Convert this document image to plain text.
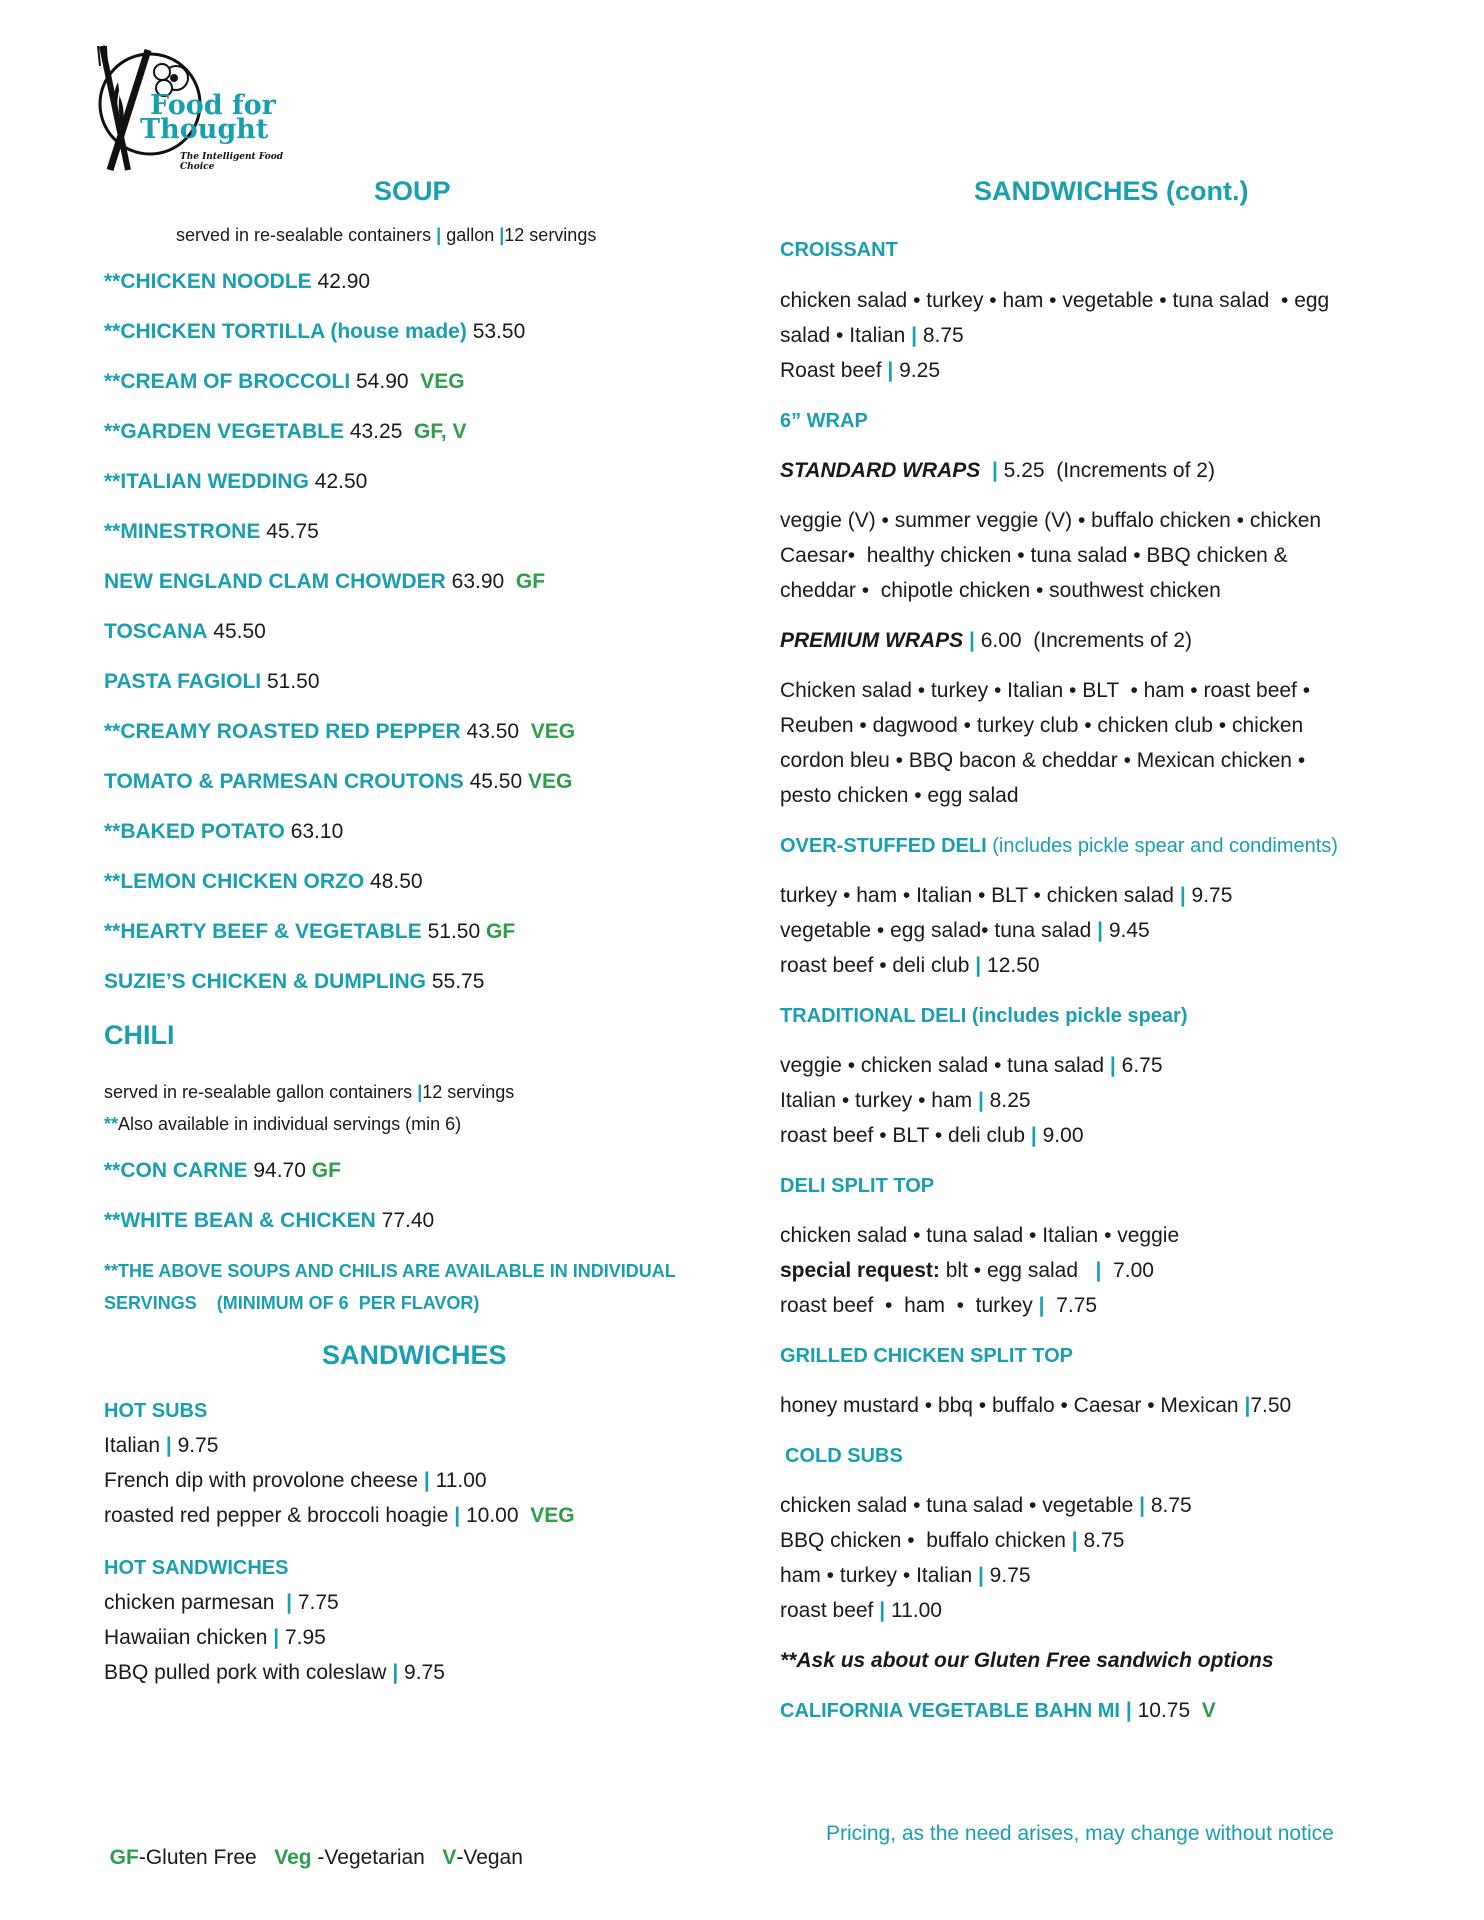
Food for
Thought
The Intelligent Food Choice
SOUP
served in re-sealable containers | gallon |12 servings
**CHICKEN NOODLE 42.90
**CHICKEN TORTILLA (house made) 53.50
**CREAM OF BROCCOLI 54.90 VEG
**GARDEN VEGETABLE 43.25 GF, V
**ITALIAN WEDDING 42.50
**MINESTRONE 45.75
NEW ENGLAND CLAM CHOWDER 63.90 GF
TOSCANA 45.50
PASTA FAGIOLI 51.50
**CREAMY ROASTED RED PEPPER 43.50 VEG
TOMATO & PARMESAN CROUTONS 45.50 VEG
**BAKED POTATO 63.10
**LEMON CHICKEN ORZO 48.50
**HEARTY BEEF & VEGETABLE 51.50 GF
SUZIE’S CHICKEN & DUMPLING 55.75
CHILI
served in re-sealable gallon containers |12 servings
**Also available in individual servings (min 6)
**CON CARNE 94.70 GF
**WHITE BEAN & CHICKEN 77.40
**THE ABOVE SOUPS AND CHILIS ARE AVAILABLE IN INDIVIDUAL
SERVINGS    (MINIMUM OF 6  PER FLAVOR)
SANDWICHES
HOT SUBS
Italian | 9.75
French dip with provolone cheese | 11.00
roasted red pepper & broccoli hoagie | 10.00 VEG
HOT SANDWICHES
chicken parmesan  | 7.75
Hawaiian chicken | 7.95
BBQ pulled pork with coleslaw | 9.75
SANDWICHES (cont.)
CROISSANT
chicken salad • turkey • ham • vegetable • tuna salad  • egg
salad • Italian | 8.75
Roast beef | 9.25
6” WRAP
STANDARD WRAPS | 5.25  (Increments of 2)
veggie (V) • summer veggie (V) • buffalo chicken • chicken
Caesar•  healthy chicken • tuna salad • BBQ chicken &
cheddar •  chipotle chicken • southwest chicken
PREMIUM WRAPS | 6.00  (Increments of 2)
Chicken salad • turkey • Italian • BLT  • ham • roast beef •
Reuben • dagwood • turkey club • chicken club • chicken
cordon bleu • BBQ bacon & cheddar • Mexican chicken •
pesto chicken • egg salad
OVER-STUFFED DELI (includes pickle spear and condiments)
turkey • ham • Italian • BLT • chicken salad | 9.75
vegetable • egg salad• tuna salad | 9.45
roast beef • deli club | 12.50
TRADITIONAL DELI (includes pickle spear)
veggie • chicken salad • tuna salad | 6.75
Italian • turkey • ham | 8.25
roast beef • BLT • deli club | 9.00
DELI SPLIT TOP
chicken salad • tuna salad • Italian • veggie
special request: blt • egg salad   |  7.00
roast beef  •  ham  •  turkey |  7.75
GRILLED CHICKEN SPLIT TOP
honey mustard • bbq • buffalo • Caesar • Mexican |7.50
COLD SUBS
chicken salad • tuna salad • vegetable | 8.75
BBQ chicken •  buffalo chicken | 8.75
ham • turkey • Italian | 9.75
roast beef | 11.00
**Ask us about our Gluten Free sandwich options
CALIFORNIA VEGETABLE BAHN MI | 10.75 V

GF-Gluten Free   Veg -Vegetarian   V-Vegan

Pricing, as the need arises, may change without notice
